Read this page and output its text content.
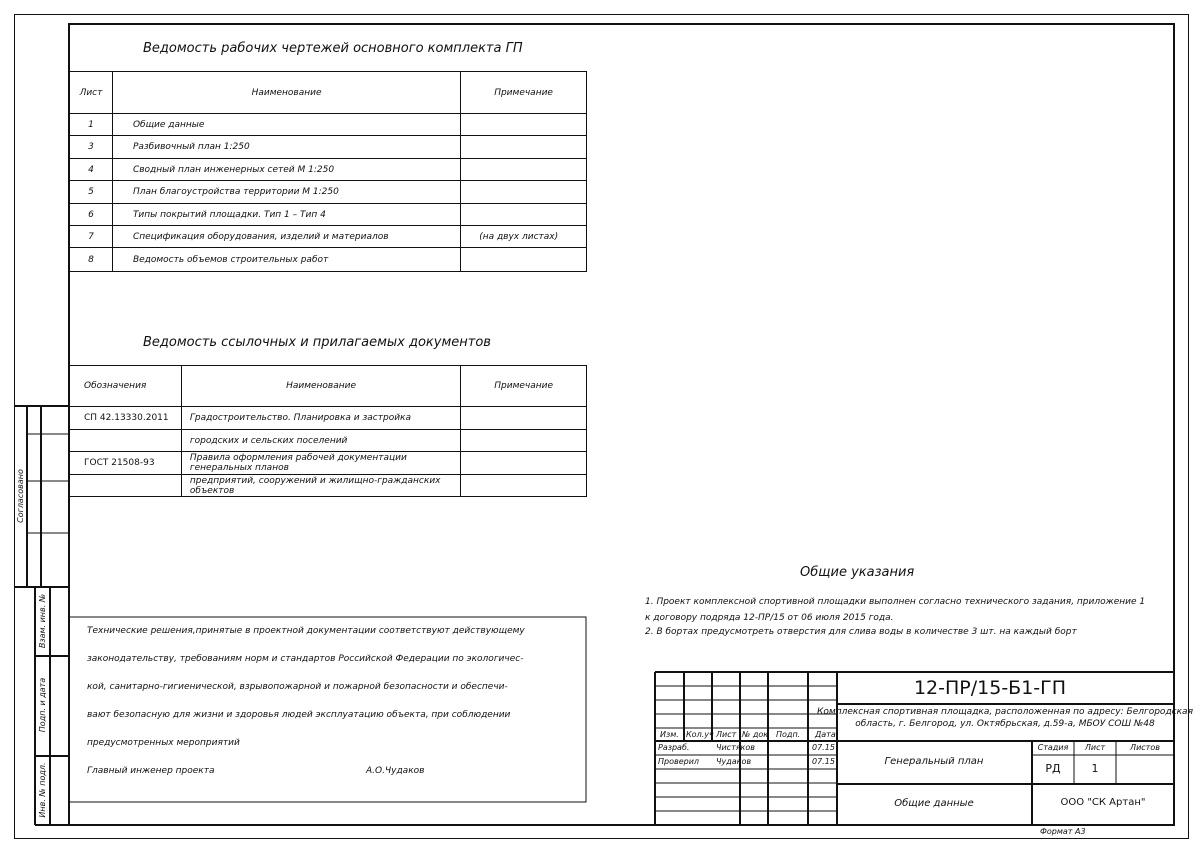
Ведомость рабочих чертежей основного комплекта ГП
Лист	Наименование	Примечание
1	Общие данные	
3	Разбивочный план 1:250	
4	Сводный план инженерных сетей М 1:250	
5	План благоустройства территории М 1:250	
6	Типы покрытий площадки. Тип 1 – Тип 4	
7	Спецификация оборудования, изделий и материалов	(на двух листах)
8	Ведомость объемов строительных работ	
Ведомость ссылочных и прилагаемых документов
Обозначения	Наименование	Примечание
СП 42.13330.2011	Градостроительство. Планировка и застройка	
	городских и сельских поселений	
ГОСТ 21508-93	Правила оформления рабочей документации генеральных планов	
	предприятий, сооружений и жилищно-гражданских объектов	
Согласовано
Взам. инв. №
Подп. и дата
Инв. № подл.
Технические решения,принятые в проектной документации соответствуют действующему
законодательству, требованиям норм и стандартов Российской Федерации по экологичес-
кой, санитарно-гигиенической, взрывопожарной и пожарной безопасности и обеспечи-
вают безопасную для жизни и здоровья людей эксплуатацию объекта, при соблюдении
предусмотренных мероприятий
Главный инженер проекта	А.О.Чудаков
Общие указания
1. Проект комплексной спортивной площадки выполнен согласно технического задания, приложение 1
к договору подряда 12-ПР/15 от 06 июля 2015 года.
2. В бортах предусмотреть отверстия для слива воды в количестве 3 шт. на каждый борт
12-ПР/15-Б1-ГП
Комплексная спортивная площадка, расположенная по адресу: Белгородская
область, г. Белгород, ул. Октябрьская, д.59-а, МБОУ СОШ №48
Изм. Кол.уч Лист № док Подп. Дата
Разраб.	Чистяков	07.15
Проверил Чудаков	07.15	Генеральный план
Стадия Лист	Листов
РД	1
Общие данные	ООО "СК Артан"
Формат А3
